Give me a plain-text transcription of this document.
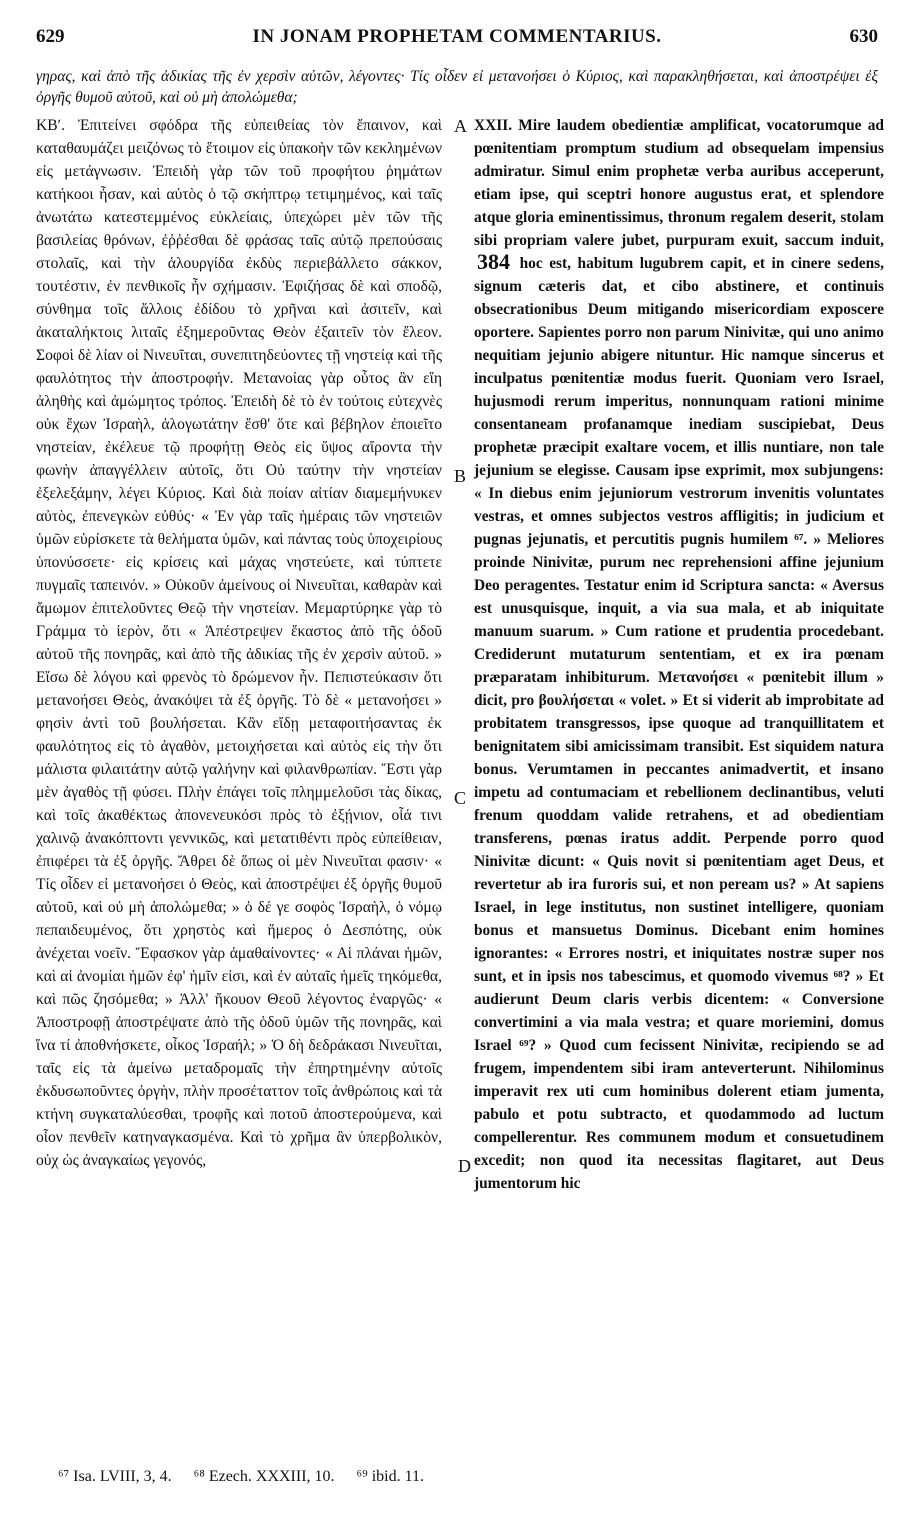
629	IN JONAM PROPHETAM COMMENTARIUS.	630
γηρας, καὶ ἀπὸ τῆς ἀδικίας τῆς ἐν χερσὶν αὐτῶν, λέγοντες· Τίς οἶδεν εἰ μετανοήσει ὁ Κύριος, καὶ παρακληθήσεται, καὶ ἀποστρέψει ἐξ ὀργῆς θυμοῦ αὐτοῦ, καὶ οὐ μὴ ἀπολώμεθα;

ΚΒʹ. Ἐπιτείνει σφόδρα τῆς εὐπειθείας τὸν ἔπαινον, καὶ καταθαυμάζει μειζόνως τὸ ἕτοιμον εἰς ὑπακοὴν τῶν κεκλημένων εἰς μετάγνωσιν. Ἐπειδὴ γὰρ τῶν τοῦ προφήτου ῥημάτων κατήκοοι ἦσαν, καὶ αὐτὸς ὁ τῷ σκήπτρῳ τετιμημένος, καὶ ταῖς ἀνωτάτω κατεστεμμένος εὐκλείαις, ὑπεχώρει μὲν τῶν τῆς βασιλείας θρόνων, ἐῤῥέσθαι δὲ φράσας ταῖς αὐτῷ πρεπούσαις στολαῖς, καὶ τὴν ἁλουργίδα ἐκδὺς περιεβάλλετο σάκκον, τουτέστιν, ἐν πενθικοῖς ἦν σχήμασιν. Ἐφιζήσας δὲ καὶ σποδῷ, σύνθημα τοῖς ἄλλοις ἐδίδου τὸ χρῆναι καὶ ἀσιτεῖν, καὶ ἀκαταλήκτοις λιταῖς ἐξημεροῦντας Θεὸν ἐξαιτεῖν τὸν ἔλεον. Σοφοὶ δὲ λίαν οἱ Νινευῖται, συνεπιτηδεύοντες τῇ νηστείᾳ καὶ τῆς φαυλότητος τὴν ἀποστροφήν. Μετανοίας γὰρ οὗτος ἂν εἴη ἀληθὴς καὶ ἀμώμητος τρόπος. Ἐπειδὴ δὲ τὸ ἐν τούτοις εὐτεχνὲς οὐκ ἔχων Ἰσραὴλ, ἀλογωτάτην ἔσθ' ὅτε καὶ βέβηλον ἐποιεῖτο νηστείαν, ἐκέλευε τῷ προφήτῃ Θεὸς εἰς ὕψος αἴροντα τὴν φωνὴν ἀπαγγέλλειν αὐτοῖς, ὅτι Οὐ ταύτην τὴν νηστείαν ἐξελεξάμην, λέγει Κύριος. Καὶ διὰ ποίαν αἰτίαν διαμεμήνυκεν αὐτὸς, ἐπενεγκὼν εὐθύς· « Ἐν γὰρ ταῖς ἡμέραις τῶν νηστειῶν ὑμῶν εὑρίσκετε τὰ θελήματα ὑμῶν, καὶ πάντας τοὺς ὑποχειρίους ὑπονύσσετε· εἰς κρίσεις καὶ μάχας νηστεύετε, καὶ τύπτετε πυγμαῖς ταπεινόν. » Οὐκοῦν ἀμείνους οἱ Νινευῖται, καθαρὰν καὶ ἄμωμον ἐπιτελοῦντες Θεῷ τὴν νηστείαν. Μεμαρτύρηκε γὰρ τὸ Γράμμα τὸ ἱερὸν, ὅτι « Ἀπέστρεψεν ἕκαστος ἀπὸ τῆς ὁδοῦ αὐτοῦ τῆς πονηρᾶς, καὶ ἀπὸ τῆς ἀδικίας τῆς ἐν χερσὶν αὐτοῦ. » Εἴσω δὲ λόγου καὶ φρενὸς τὸ δρώμενον ἦν. Πεπιστεύκασιν ὅτι μετανοήσει Θεὸς, ἀνακόψει τὰ ἐξ ὀργῆς. Τὸ δὲ « μετανοήσει » φησὶν ἀντὶ τοῦ βουλήσεται. Κἂν εἴδῃ μεταφοιτήσαντας ἐκ φαυλότητος εἰς τὸ ἀγαθὸν, μετοιχήσεται καὶ αὐτὸς εἰς τὴν ὅτι μάλιστα φιλαιτάτην αὐτῷ γαλήνην καὶ φιλανθρωπίαν. Ἔστι γὰρ μὲν ἀγαθὸς τῇ φύσει. Πλὴν ἐπάγει τοῖς πλημμελοῦσι τὰς δίκας, καὶ τοῖς ἀκαθέκτως ἀπονενευκόσι πρὸς τὸ ἐξῄνιον, οἷά τινι χαλινῷ ἀνακόπτοντι γεννικῶς, καὶ μετατιθέντι πρὸς εὐπείθειαν, ἐπιφέρει τὰ ἐξ ὀργῆς. Ἄθρει δὲ ὅπως οἱ μὲν Νινευῖται φασιν· « Τίς οἶδεν εἰ μετανοήσει ὁ Θεὸς, καὶ ἀποστρέψει ἐξ ὀργῆς θυμοῦ αὐτοῦ, καὶ οὐ μὴ ἀπολώμεθα; » ὁ δέ γε σοφὸς Ἰσραὴλ, ὁ νόμῳ πεπαιδευμένος, ὅτι χρηστὸς καὶ ἥμερος ὁ Δεσπότης, οὐκ ἀνέχεται νοεῖν. Ἔφασκον γὰρ ἀμαθαίνοντες· « Αἱ πλάναι ἡμῶν, καὶ αἱ ἀνομίαι ἡμῶν ἐφ' ἡμῖν εἰσι, καὶ ἐν αὐταῖς ἡμεῖς τηκόμεθα, καὶ πῶς ζησόμεθα; » Ἀλλ' ἤκουον Θεοῦ λέγοντος ἐναργῶς· « Ἀποστροφῇ ἀποστρέψατε ἀπὸ τῆς ὁδοῦ ὑμῶν τῆς πονηρᾶς, καὶ ἵνα τί ἀποθνήσκετε, οἶκος Ἰσραήλ; » Ὁ δὴ δεδράκασι Νινευῖται, ταῖς εἰς τὰ ἀμείνω μεταδρομαῖς τὴν ἐπηρτημένην αὐτοῖς ἐκδυσωποῦντες ὀργὴν, πλὴν προσέταττον τοῖς ἀνθρώποις καὶ τὰ κτήνη συγκαταλύεσθαι, τροφῆς καὶ ποτοῦ ἀποστερούμενα, καὶ οἷον πενθεῖν κατηναγκασμένα. Καὶ τὸ χρῆμα ἂν ὑπερβολικὸν, οὐχ ὡς ἀναγκαίως γεγονός,

XXII. Mire laudem obedientiæ amplificat, vocatorumque ad pœnitentiam promptum studium ad obsequelam impensius admiratur. Simul enim prophetæ verba auribus acceperunt, etiam ipse, qui sceptri honore augustus erat, et splendore atque gloria eminentissimus, thronum regalem deserit, stolam sibi propriam valere jubet, purpuram exuit, saccum induit, 384 hoc est, habitum lugubrem capit, et in cinere sedens, signum cæteris dat, et cibo abstinere, et continuis obsecrationibus Deum mitigando misericordiam exposcere oportere. Sapientes porro non parum Ninivitæ, qui uno animo nequitiam jejunio abigere nituntur. Hic namque sincerus et inculpatus pœnitentiæ modus fuerit. Quoniam vero Israel, hujusmodi rerum imperitus, nonnunquam rationi minime consentaneam profanamque inediam suscipiebat, Deus prophetæ præcipit exaltare vocem, et illis nuntiare, non tale jejunium se elegisse. Causam ipse exprimit, mox subjungens: « In diebus enim jejuniorum vestrorum invenitis voluntates vestras, et omnes subjectos vestros affligitis; in judicium et pugnas jejunatis, et percutitis pugnis humilem ⁶⁷. » Meliores proinde Ninivitæ, purum nec reprehensioni affine jejunium Deo peragentes. Testatur enim id Scriptura sancta: « Aversus est unusquisque, inquit, a via sua mala, et ab iniquitate manuum suarum. » Cum ratione et prudentia procedebant. Crediderunt mutaturum sententiam, et ex ira pœnam præparatam inhibiturum. Μετανοήσει « pœnitebit illum » dicit, pro βουλήσεται « volet. » Et si viderit ab improbitate ad probitatem transgressos, ipse quoque ad tranquillitatem et benignitatem sibi amicissimam transibit. Est siquidem natura bonus. Verumtamen in peccantes animadvertit, et insano impetu ad contumaciam et rebellionem declinantibus, veluti frenum quoddam valide retrahens, et ad obedientiam transferens, pœnas iratus addit. Perpende porro quod Ninivitæ dicunt: « Quis novit si pœnitentiam aget Deus, et revertetur ab ira furoris sui, et non peream us? » At sapiens Israel, in lege institutus, non sustinet intelligere, quoniam bonus et mansuetus Dominus. Dicebant enim homines ignorantes: « Errores nostri, et iniquitates nostræ super nos sunt, et in ipsis nos tabescimus, et quomodo vivemus ⁶⁸? » Et audierunt Deum claris verbis dicentem: « Conversione convertimini a via mala vestra; et quare moriemini, domus Israel ⁶⁹? » Quod cum fecissent Ninivitæ, recipiendo se ad frugem, impendentem sibi iram anteverterunt. Nihilominus imperavit rex uti cum hominibus dolerent etiam jumenta, pabulo et potu subtracto, et quodammodo ad luctum compellerentur. Res communem modum et consuetudinem excedit; non quod ita necessitas flagitaret, aut Deus jumentorum hic

A
B
C
D
⁶⁷ Isa. LVIII, 3, 4. ⁶⁸ Ezech. XXXIII, 10. ⁶⁹ ibid. 11.
